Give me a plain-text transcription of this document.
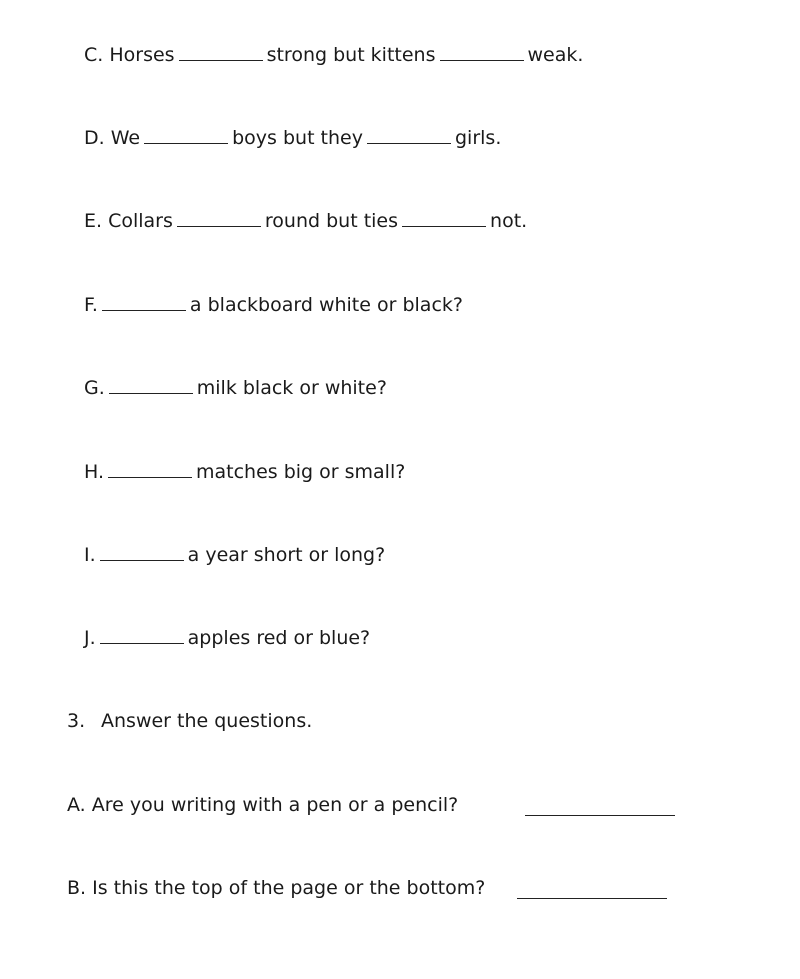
C. Horses	strong but kittens	weak.
D. We	boys but they	girls.
E. Collars	round but ties	not.
F.	a blackboard white or black?
G.	milk black or white?
H.	matches big or small?
I.	a year short or long?
J.	apples red or blue?
3. Answer the questions.
A. Are you writing with a pen or a pencil?
B. Is this the top of the page or the bottom?
